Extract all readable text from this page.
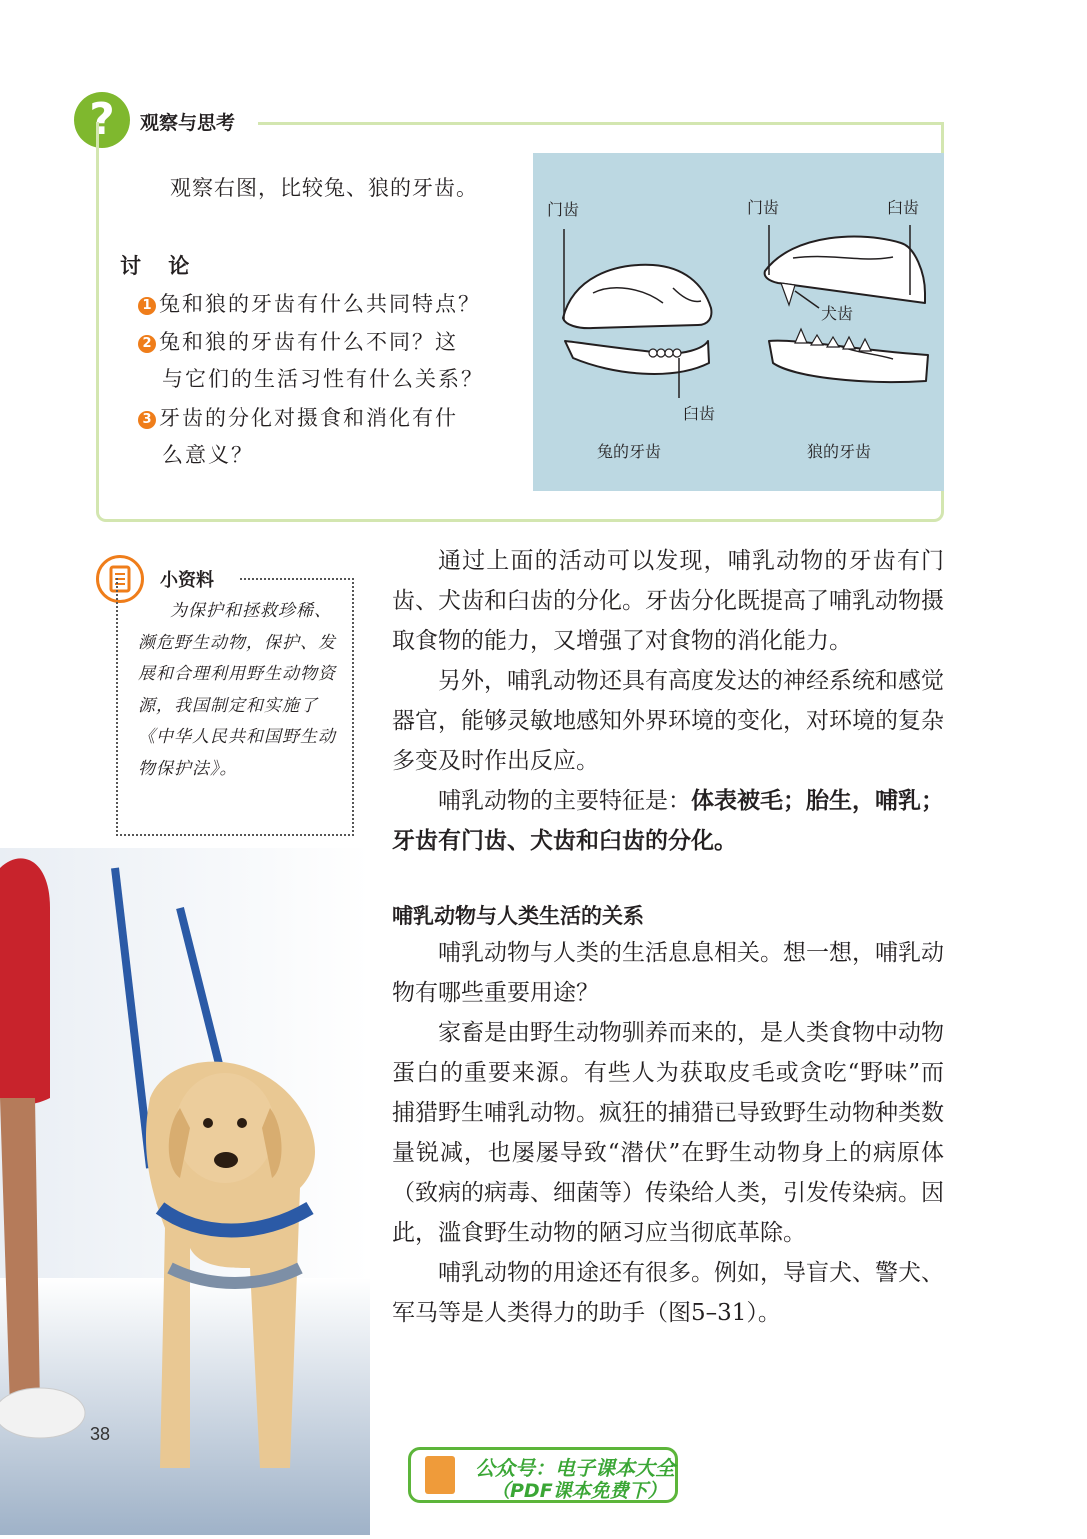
?	观察与思考
观察右图，比较兔、狼的牙齿。
讨 论
1 兔和狼的牙齿有什么共同特点？
2 兔和狼的牙齿有什么不同？这
与它们的生活习性有什么关系？
3 牙齿的分化对摄食和消化有什
么意义？
门齿
臼齿
兔的牙齿
门齿	臼齿
犬齿
狼的牙齿
小资料
为保护和拯救珍稀、濒危野生动物，保护、发展和合理利用野生动物资源，我国制定和实施了《中华人民共和国野生动物保护法》。

通过上面的活动可以发现，哺乳动物的牙齿有门齿、犬齿和臼齿的分化。牙齿分化既提高了哺乳动物摄取食物的能力，又增强了对食物的消化能力。

另外，哺乳动物还具有高度发达的神经系统和感觉器官，能够灵敏地感知外界环境的变化，对环境的复杂多变及时作出反应。

哺乳动物的主要特征是：体表被毛；胎生，哺乳；牙齿有门齿、犬齿和臼齿的分化。

哺乳动物与人类生活的关系

哺乳动物与人类的生活息息相关。想一想，哺乳动物有哪些重要用途？

家畜是由野生动物驯养而来的，是人类食物中动物蛋白的重要来源。有些人为获取皮毛或贪吃“野味”而捕猎野生哺乳动物。疯狂的捕猎已导致野生动物种类数量锐减，也屡屡导致“潜伏”在野生动物身上的病原体（致病的病毒、细菌等）传染给人类，引发传染病。因此，滥食野生动物的陋习应当彻底革除。

哺乳动物的用途还有很多。例如，导盲犬、警犬、军马等是人类得力的助手（图5–31）。

38
公众号：电子课本大全
（PDF课本免费下）
